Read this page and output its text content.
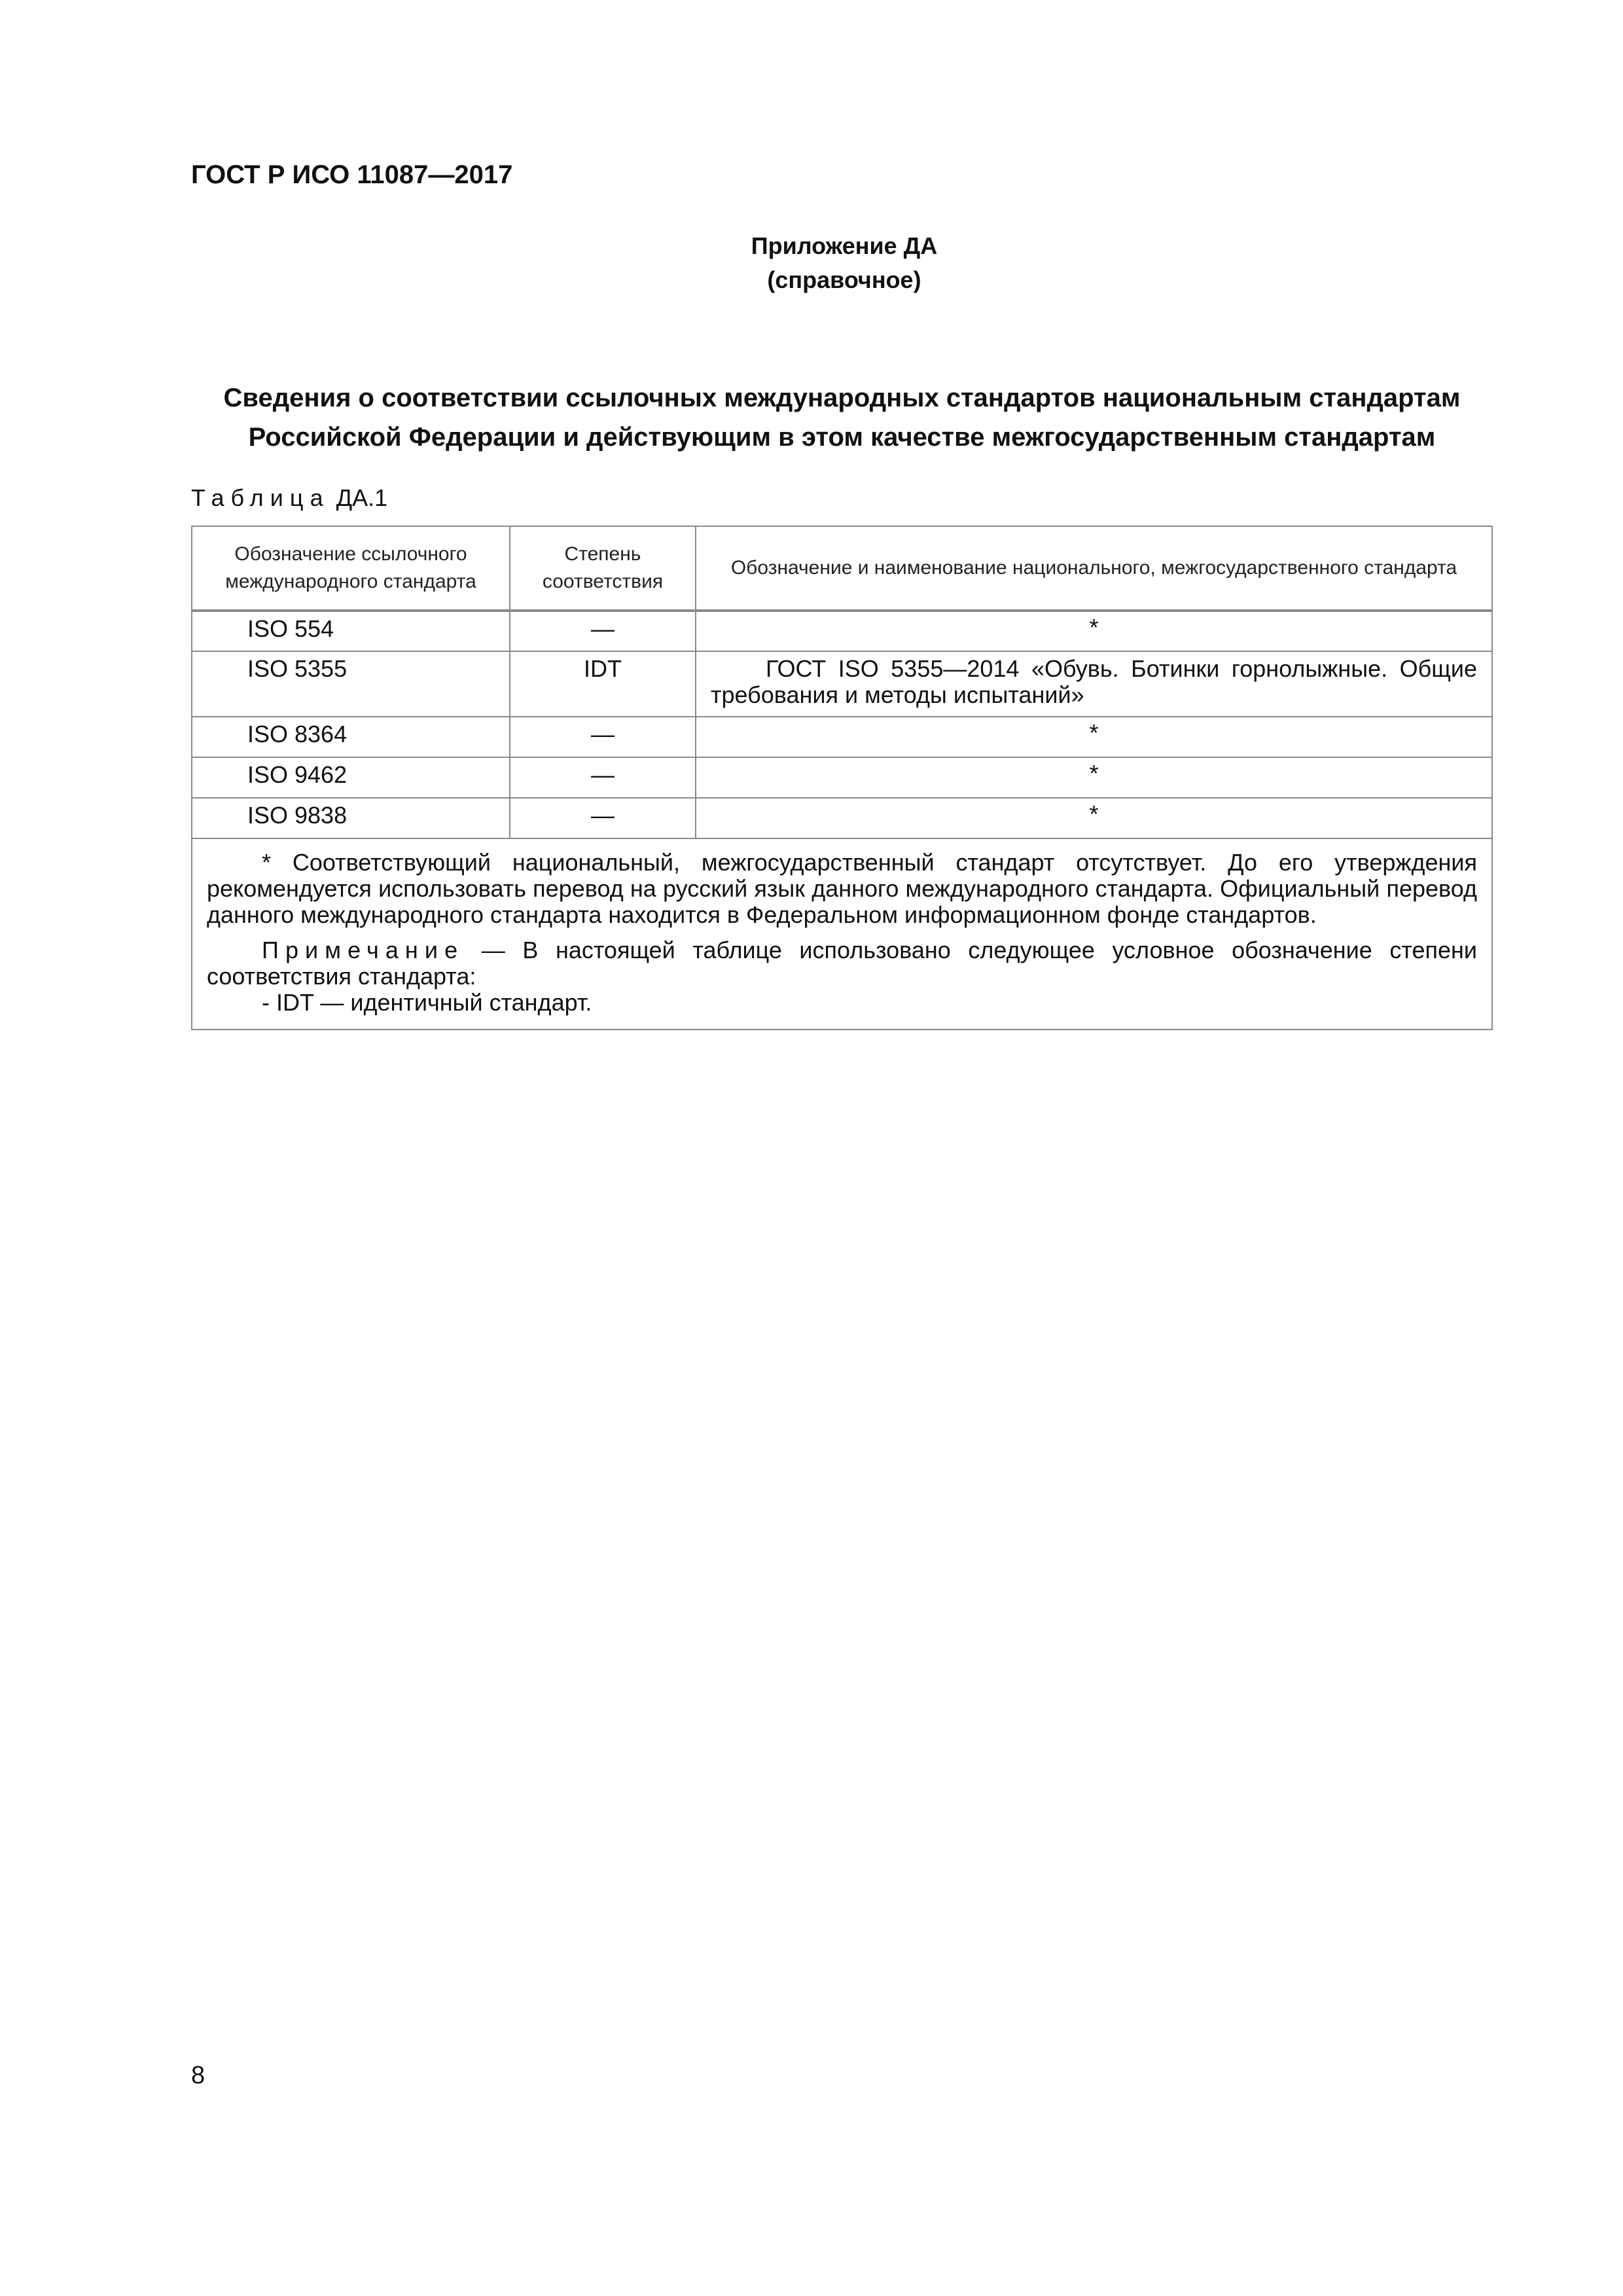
ГОСТ Р ИСО 11087—2017
Приложение ДА
(справочное)
Сведения о соответствии ссылочных международных стандартов национальным стандартам
Российской Федерации и действующим в этом качестве межгосударственным стандартам
Таблица ДА.1
Обозначение ссылочного международного стандарта	Степень соответствия	Обозначение и наименование национального, межгосударственного стандарта
ISO 554	—	*
ISO 5355	IDT	ГОСТ ISO 5355—2014 «Обувь. Ботинки горнолыжные. Общие требования и методы испытаний»
ISO 8364	—	*
ISO 9462	—	*
ISO 9838	—	*

* Соответствующий национальный, межгосударственный стандарт отсутствует. До его утверждения рекомендуется использовать перевод на русский язык данного международного стандарта. Официальный перевод данного международного стандарта находится в Федеральном информационном фонде стандартов.

Примечание — В настоящей таблице использовано следующее условное обозначение степени соответствия стандарта:

- IDT — идентичный стандарт.		

8
